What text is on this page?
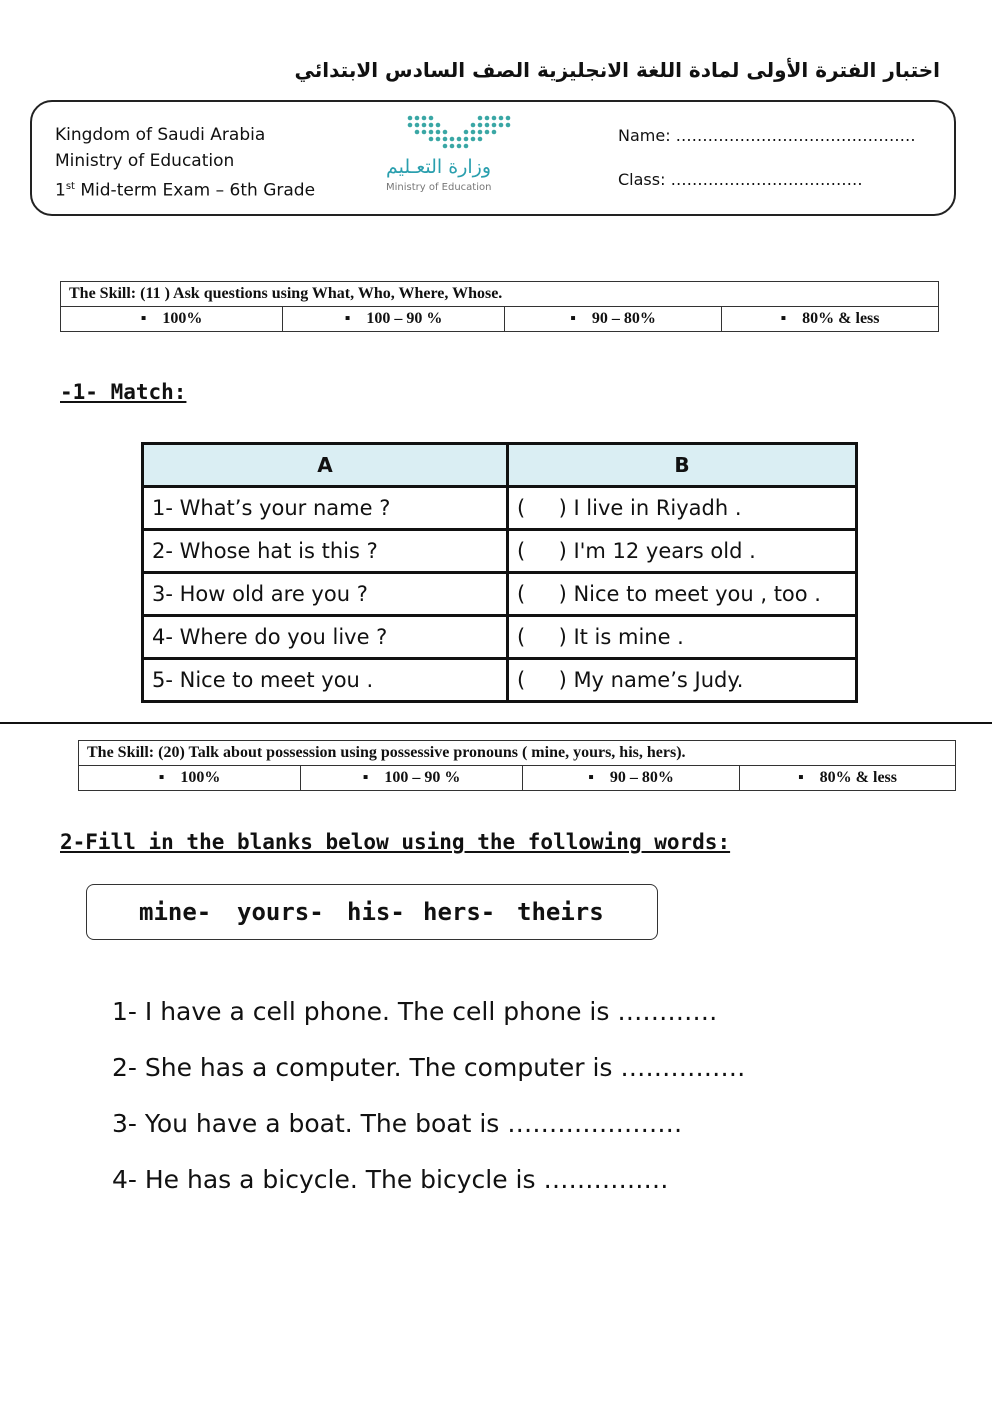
اختبار الفترة الأولى لمادة اللغة الانجليزية الصف السادس الابتدائي
Kingdom of Saudi Arabia
Ministry of Education
1st Mid-term Exam – 6th Grade
وزارة التعـليم
Ministry of Education
Name: ………………………………………
Class: ………………………………
The Skill: (11 ) Ask questions using What, Who, Where, Whose.
▪    100%	▪    100 – 90 %	▪    90 – 80%	▪    80% & less
-1- Match:
A	B
1- What’s your name ?	(     ) I live in Riyadh .
2- Whose hat is this ?	(     ) I'm 12 years old .
3- How old are you ?	(     ) Nice to meet you , too .
4- Where do you live ?	(     ) It is mine .
5- Nice to meet you .	(     ) My name’s Judy.
The Skill: (20) Talk about possession using possessive pronouns ( mine, yours, his, hers).
▪    100%	▪    100 – 90 %	▪    90 – 80%	▪    80% & less
2-Fill in the blanks below using the following words:
mine- yours- his- hers- theirs
1- I have a cell phone. The cell phone is …………
2- She has a computer. The computer is ……………
3- You have a boat. The boat is …………………
4- He has a bicycle. The bicycle is ……………
